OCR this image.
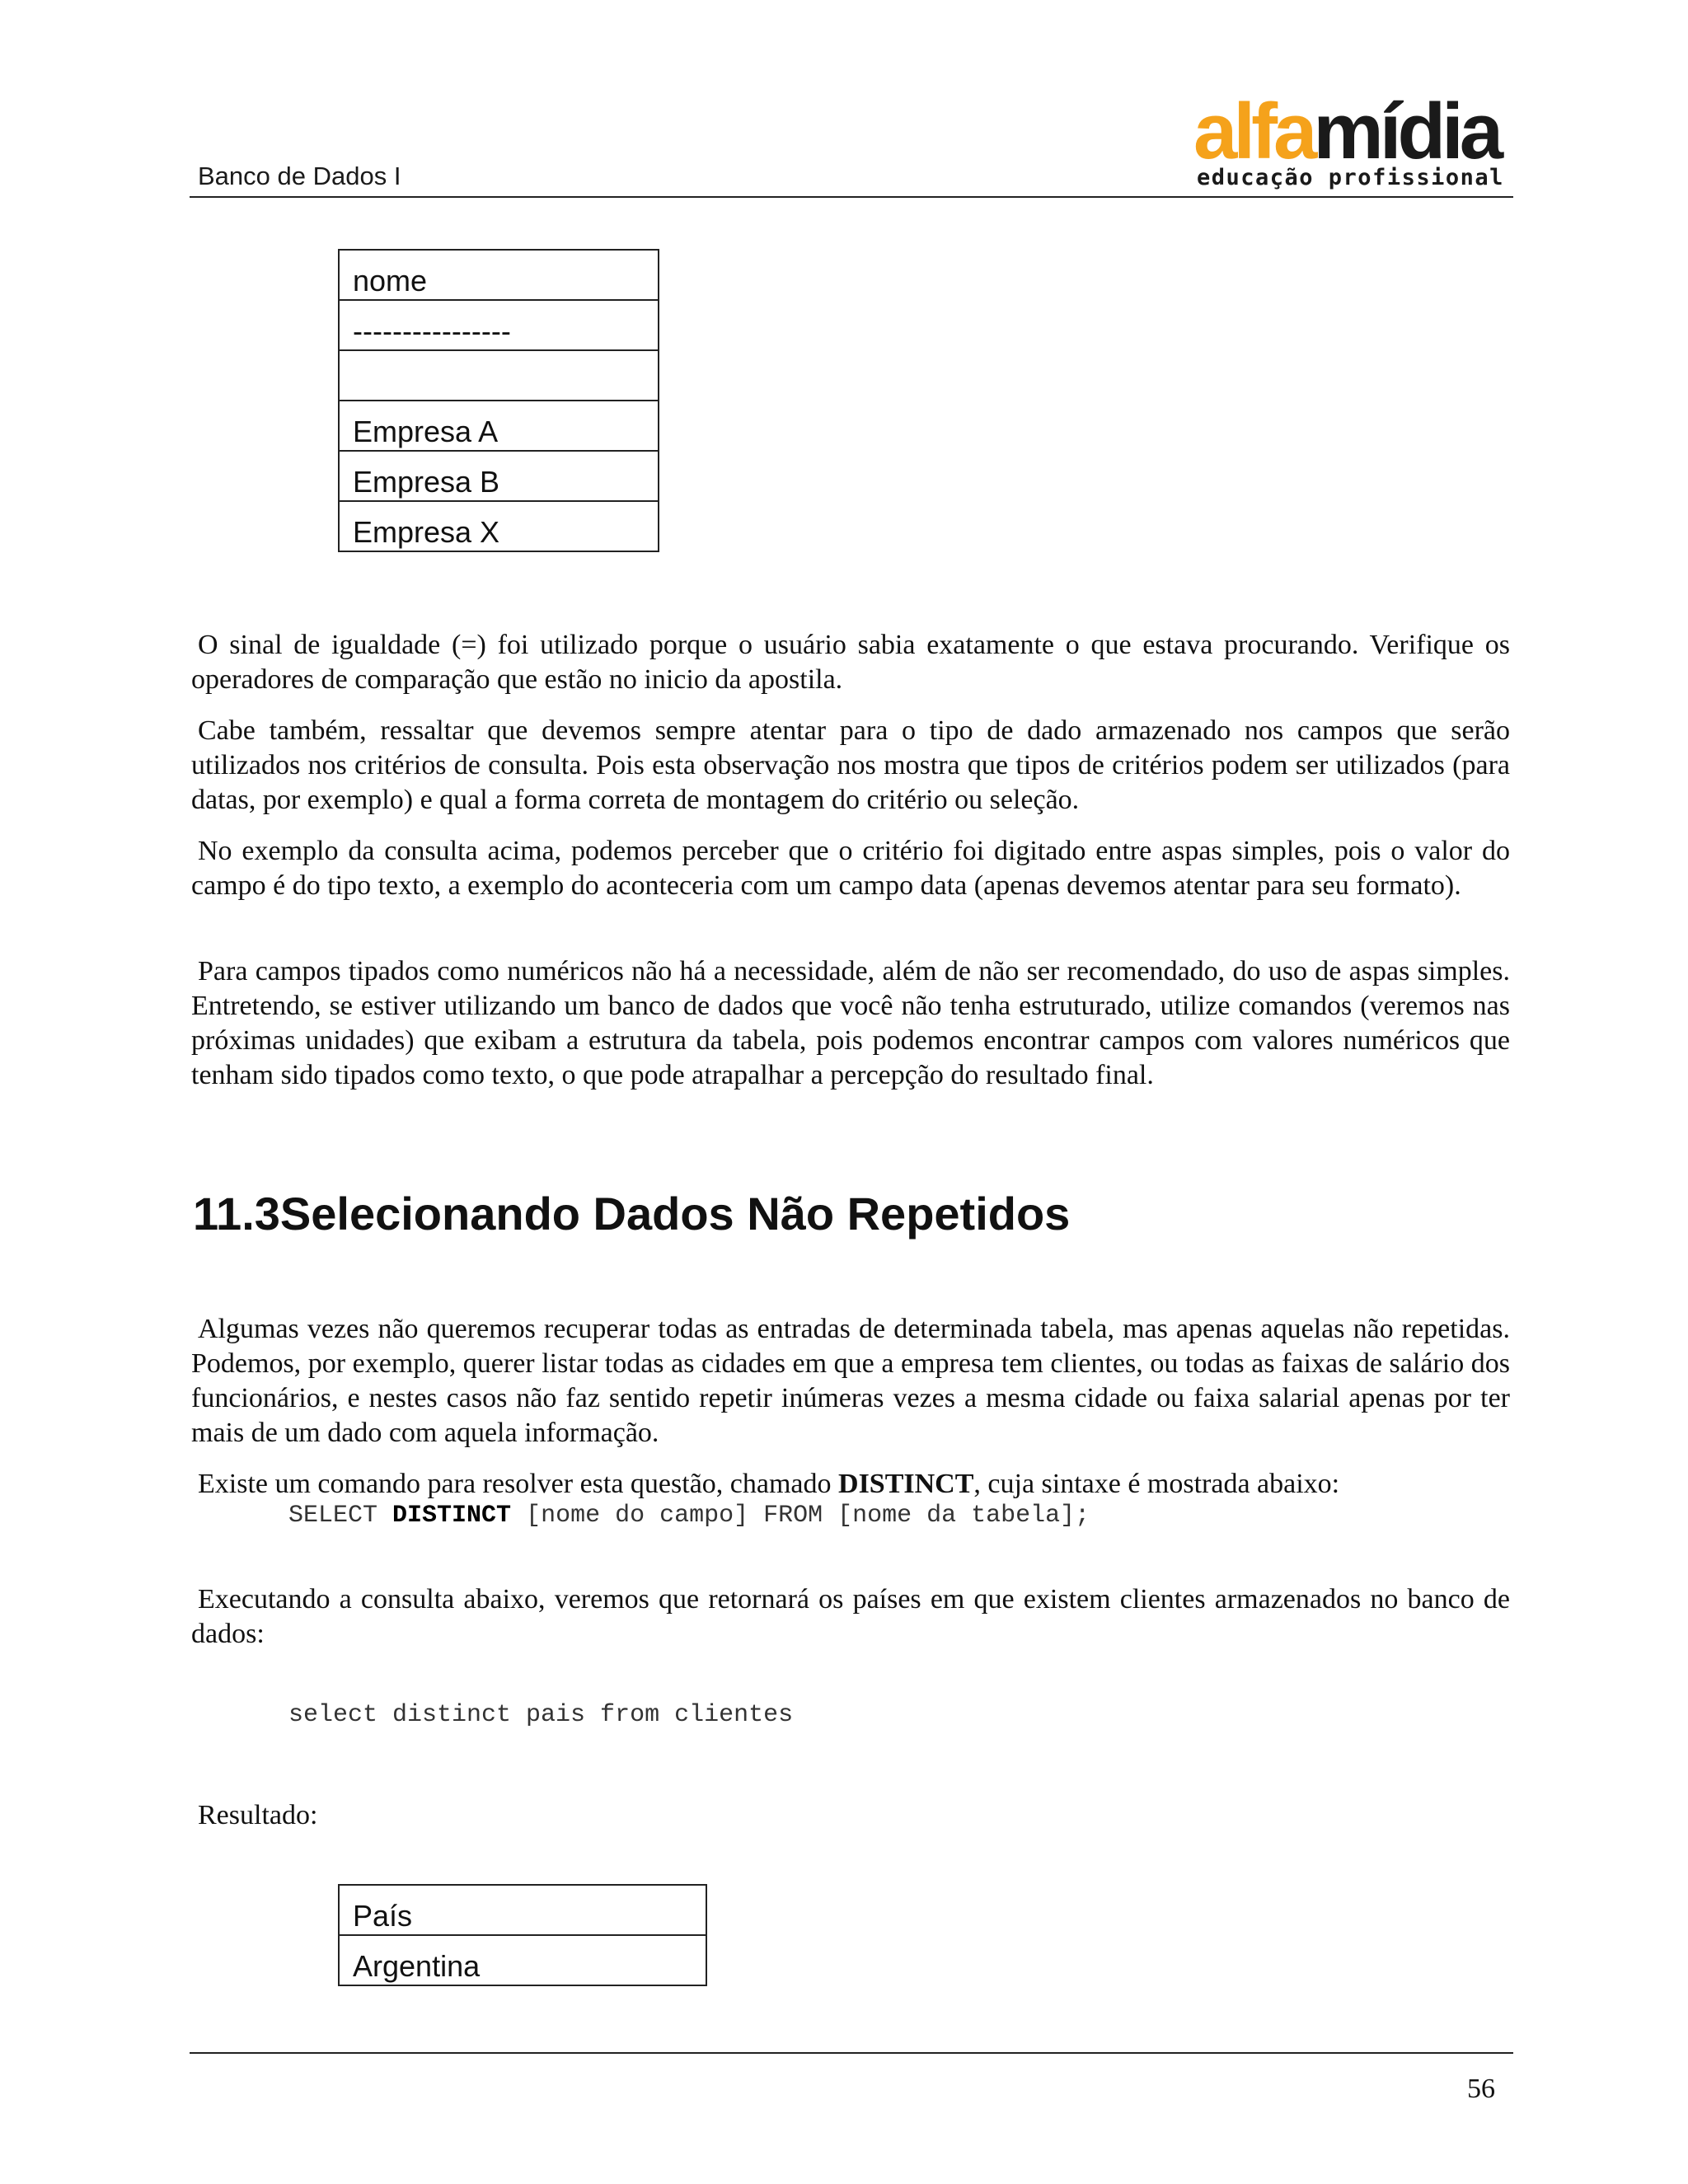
Banco de Dados I
alfamídia
educação profissional
nome
----------------

Empresa A
Empresa B
Empresa X
O sinal de igualdade (=) foi utilizado porque o usuário sabia exatamente o que estava procurando. Verifique os operadores de comparação que estão no inicio da apostila.
Cabe também, ressaltar que devemos sempre atentar para o tipo de dado armazenado nos campos que serão utilizados nos critérios de consulta. Pois esta observação nos mostra que tipos de critérios podem ser utilizados (para datas, por exemplo) e qual a forma correta de montagem do critério ou seleção.
No exemplo da consulta acima, podemos perceber que o critério foi digitado entre aspas simples, pois o valor do campo é do tipo texto, a exemplo do aconteceria com um campo data (apenas devemos atentar para seu formato).
Para campos tipados como numéricos não há a necessidade, além de não ser recomendado, do uso de aspas simples. Entretendo, se estiver utilizando um banco de dados que você não tenha estruturado, utilize comandos (veremos nas próximas unidades) que exibam a estrutura da tabela, pois podemos encontrar campos com valores numéricos que tenham sido tipados como texto, o que pode atrapalhar a percepção do resultado final.
11.3Selecionando Dados Não Repetidos
Algumas vezes não queremos recuperar todas as entradas de determinada tabela, mas apenas aquelas não repetidas. Podemos, por exemplo, querer listar todas as cidades em que a empresa tem clientes, ou todas as faixas de salário dos funcionários, e nestes casos não faz sentido repetir inúmeras vezes a mesma cidade ou faixa salarial apenas por ter mais de um dado com aquela informação.
Existe um comando para resolver esta questão, chamado DISTINCT, cuja sintaxe é mostrada abaixo:
SELECT DISTINCT [nome do campo] FROM [nome da tabela];
Executando a consulta abaixo, veremos que retornará os países em que existem clientes armazenados no banco de dados:
select distinct pais from clientes
Resultado:
País
Argentina
56
